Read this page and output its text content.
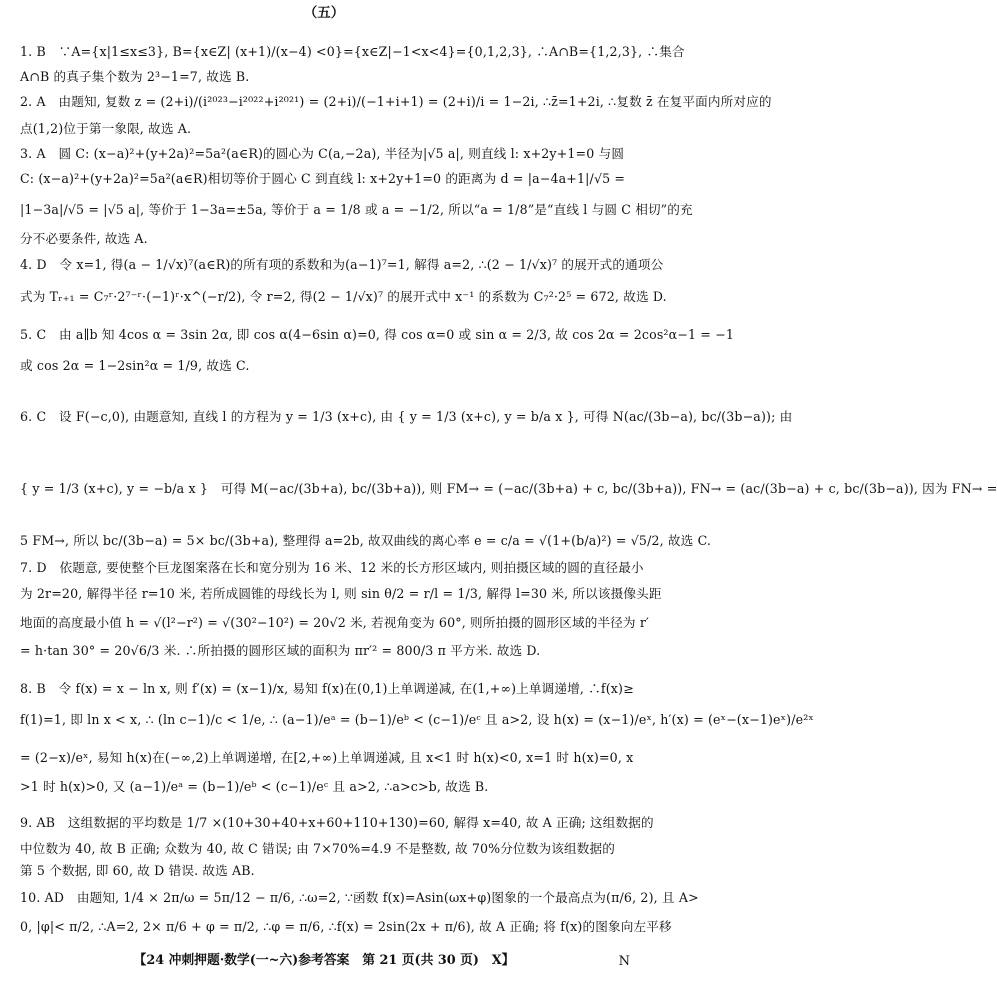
（五）
1. B　∵A={x|1≤x≤3}, B={x∈Z| (x+1)/(x−4) <0}={x∈Z|−1<x<4}={0,1,2,3}, ∴A∩B={1,2,3}, ∴集合
A∩B 的真子集个数为 2³−1=7, 故选 B.
2. A　由题知, 复数 z = (2+i)/(i²⁰²³−i²⁰²²+i²⁰²¹) = (2+i)/(−1+i+1) = (2+i)/i = 1−2i, ∴z̄=1+2i, ∴复数 z̄ 在复平面内所对应的
点(1,2)位于第一象限, 故选 A.
3. A　圆 C: (x−a)²+(y+2a)²=5a²(a∈R)的圆心为 C(a,−2a), 半径为|√5 a|, 则直线 l: x+2y+1=0 与圆
C: (x−a)²+(y+2a)²=5a²(a∈R)相切等价于圆心 C 到直线 l: x+2y+1=0 的距离为 d = |a−4a+1|/√5 =
|1−3a|/√5 = |√5 a|, 等价于 1−3a=±5a, 等价于 a = 1/8 或 a = −1/2, 所以“a = 1/8”是“直线 l 与圆 C 相切”的充
分不必要条件, 故选 A.
4. D　令 x=1, 得(a − 1/√x)⁷(a∈R)的所有项的系数和为(a−1)⁷=1, 解得 a=2, ∴(2 − 1/√x)⁷ 的展开式的通项公
式为 Tᵣ₊₁ = C₇ʳ·2⁷⁻ʳ·(−1)ʳ·x^(−r/2), 令 r=2, 得(2 − 1/√x)⁷ 的展开式中 x⁻¹ 的系数为 C₇²·2⁵ = 672, 故选 D.
5. C　由 a∥b 知 4cos α = 3sin 2α, 即 cos α(4−6sin α)=0, 得 cos α=0 或 sin α = 2/3, 故 cos 2α = 2cos²α−1 = −1
或 cos 2α = 1−2sin²α = 1/9, 故选 C.
6. C　设 F(−c,0), 由题意知, 直线 l 的方程为 y = 1/3 (x+c), 由 { y = 1/3 (x+c), y = b/a x }, 可得 N(ac/(3b−a), bc/(3b−a)); 由
{ y = 1/3 (x+c), y = −b/a x }　可得 M(−ac/(3b+a), bc/(3b+a)), 则 FM→ = (−ac/(3b+a) + c, bc/(3b+a)), FN→ = (ac/(3b−a) + c, bc/(3b−a)), 因为 FN→ =
5 FM→, 所以 bc/(3b−a) = 5× bc/(3b+a), 整理得 a=2b, 故双曲线的离心率 e = c/a = √(1+(b/a)²) = √5/2, 故选 C.
7. D　依题意, 要使整个巨龙图案落在长和宽分别为 16 米、12 米的长方形区域内, 则拍摄区域的圆的直径最小
为 2r=20, 解得半径 r=10 米, 若所成圆锥的母线长为 l, 则 sin θ/2 = r/l = 1/3, 解得 l=30 米, 所以该摄像头距
地面的高度最小值 h = √(l²−r²) = √(30²−10²) = 20√2 米, 若视角变为 60°, 则所拍摄的圆形区域的半径为 r′
= h·tan 30° = 20√6/3 米. ∴所拍摄的圆形区域的面积为 πr′² = 800/3 π 平方米. 故选 D.
8. B　令 f(x) = x − ln x, 则 f′(x) = (x−1)/x, 易知 f(x)在(0,1)上单调递减, 在(1,+∞)上单调递增, ∴f(x)≥
f(1)=1, 即 ln x < x, ∴ (ln c−1)/c < 1/e, ∴ (a−1)/eᵃ = (b−1)/eᵇ < (c−1)/eᶜ 且 a>2, 设 h(x) = (x−1)/eˣ, h′(x) = (eˣ−(x−1)eˣ)/e²ˣ
= (2−x)/eˣ, 易知 h(x)在(−∞,2)上单调递增, 在[2,+∞)上单调递减, 且 x<1 时 h(x)<0, x=1 时 h(x)=0, x
>1 时 h(x)>0, 又 (a−1)/eᵃ = (b−1)/eᵇ < (c−1)/eᶜ 且 a>2, ∴a>c>b, 故选 B.
9. AB　这组数据的平均数是 1/7 ×(10+30+40+x+60+110+130)=60, 解得 x=40, 故 A 正确; 这组数据的
中位数为 40, 故 B 正确; 众数为 40, 故 C 错误; 由 7×70%=4.9 不是整数, 故 70%分位数为该组数据的
第 5 个数据, 即 60, 故 D 错误. 故选 AB.
10. AD　由题知, 1/4 × 2π/ω = 5π/12 − π/6, ∴ω=2, ∵函数 f(x)=Asin(ωx+φ)图象的一个最高点为(π/6, 2), 且 A>
0, |φ|< π/2, ∴A=2, 2× π/6 + φ = π/2, ∴φ = π/6, ∴f(x) = 2sin(2x + π/6), 故 A 正确; 将 f(x)的图象向左平移
【24 冲刺押题·数学(一~六)参考答案　第 21 页(共 30 页)　X】	N
